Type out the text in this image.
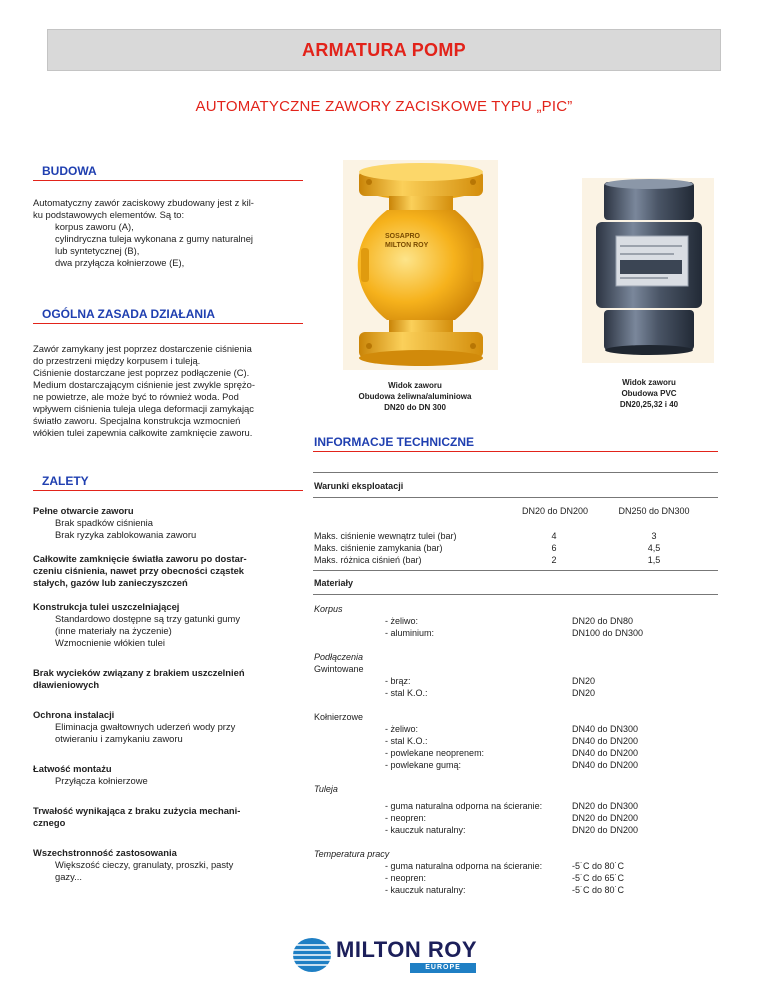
ARMATURA POMP
AUTOMATYCZNE ZAWORY ZACISKOWE TYPU „PIC”
BUDOWA
Automatyczny zawór zaciskowy zbudowany jest z kil-
ku podstawowych elementów. Są to:
korpus zaworu (A),
cylindryczna tuleja wykonana z gumy naturalnej
lub syntetycznej (B),
dwa przyłącza kołnierzowe (E),
OGÓLNA ZASADA DZIAŁANIA
Zawór zamykany jest poprzez dostarczenie ciśnienia
do przestrzeni między korpusem i tuleją.
Ciśnienie dostarczane jest poprzez podłączenie (C).
Medium dostarczającym ciśnienie jest zwykle sprężo-
ne powietrze, ale może być to również woda. Pod
wpływem ciśnienia tuleja ulega deformacji zamykając
światło zaworu. Specjalna konstrukcja wzmocnień
włókien tulei zapewnia całkowite zamknięcie zaworu.
ZALETY
Pełne otwarcie zaworu
Brak spadków ciśnienia
Brak ryzyka zablokowania zaworu
Całkowite zamknięcie światła zaworu po dostar-
czeniu ciśnienia, nawet przy obecności cząstek
stałych, gazów lub zanieczyszczeń
Konstrukcja tulei uszczelniającej
Standardowo dostępne są trzy gatunki gumy
(inne materiały na życzenie)
Wzmocnienie włókien tulei
Brak wycieków związany z brakiem uszczelnień
dławieniowych
Ochrona instalacji
Eliminacja gwałtownych uderzeń wody przy
otwieraniu i zamykaniu zaworu
Łatwość montażu
Przyłącza kołnierzowe
Trwałość wynikająca z braku zużycia mechani-
cznego
Wszechstronność zastosowania
Większość cieczy, granulaty, proszki, pasty
gazy...
SOSAPRO
MILTON ROY
Widok zaworu
Obudowa żeliwna/aluminiowa
DN20 do DN 300
Widok zaworu
Obudowa PVC
DN20,25,32 i 40
INFORMACJE TECHNICZNE
Warunki eksploatacji
DN20 do DN200	DN250 do DN300
Maks. ciśnienie wewnątrz tulei (bar)	4	3
Maks. ciśnienie zamykania (bar)	6	4,5
Maks. różnica ciśnień (bar)	2	1,5
Materiały
Korpus
- żeliwo:	DN20 do DN80
- aluminium:	DN100 do DN300
Podłączenia
Gwintowane
- brąz:	DN20
- stal K.O.:	DN20
Kołnierzowe
- żeliwo:	DN40 do DN300
- stal K.O.:	DN40 do DN200
- powlekane neoprenem:	DN40 do DN200
- powlekane gumą:	DN40 do DN200
Tuleja
- guma naturalna odporna na ścieranie:	DN20 do DN300
- neopren:	DN20 do DN200
- kauczuk naturalny:	DN20 do DN200
Temperatura pracy
- guma naturalna odporna na ścieranie:	-5˙C do 80˙C
- neopren:	-5˙C do 65˙C
- kauczuk naturalny:	-5˙C do 80˙C
MILTON ROY
EUROPE
